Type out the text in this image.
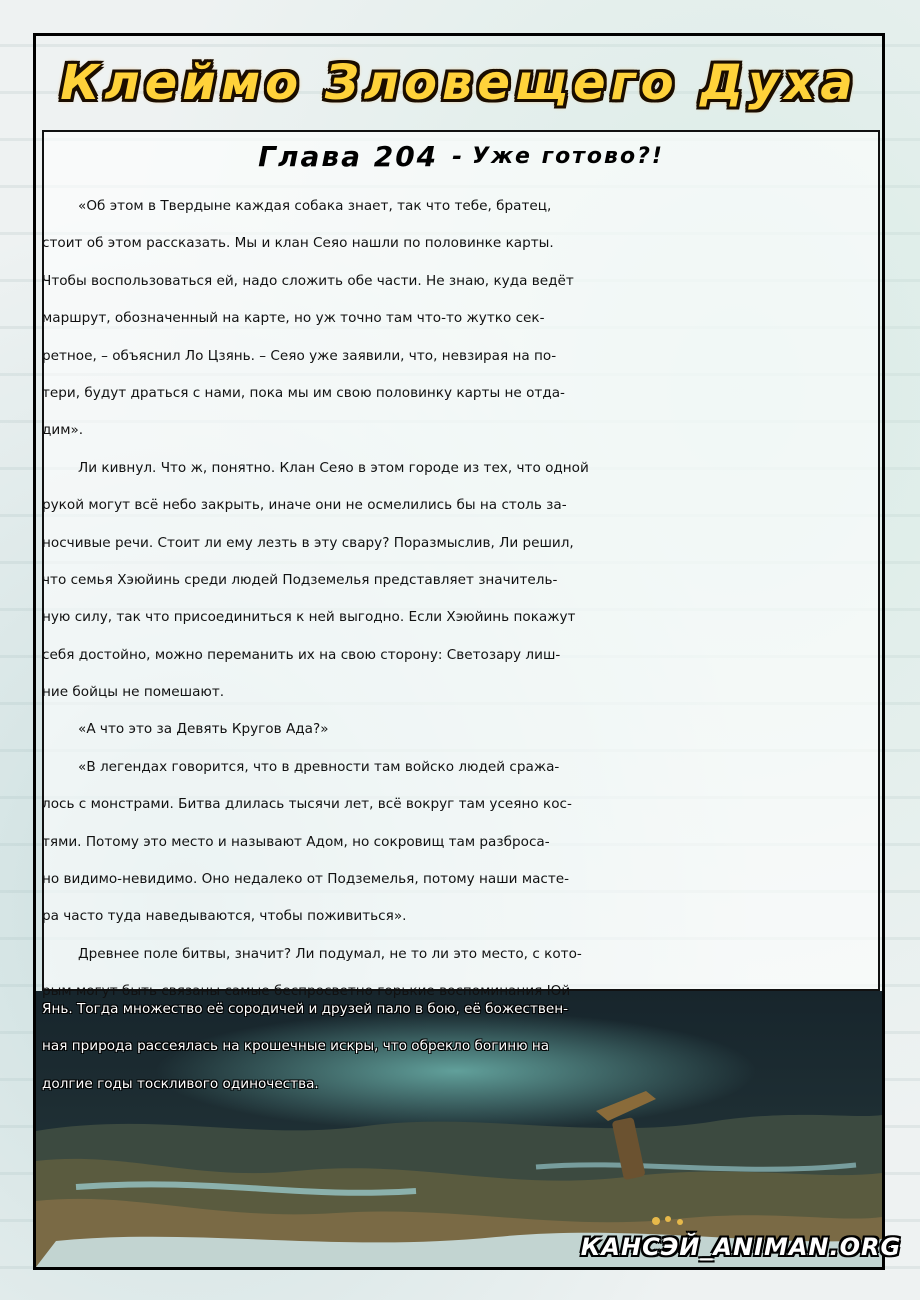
Клеймо Зловещего Духа
Глава 204 - Уже готово?!
«Об этом в Твердыне каждая собака знает, так что тебе, братец,
стоит об этом рассказать. Мы и клан Сеяо нашли по половинке карты.
Чтобы воспользоваться ей, надо сложить обе части. Не знаю, куда ведёт
маршрут, обозначенный на карте, но уж точно там что-то жутко сек-
ретное, – объяснил Ло Цзянь. – Сеяо уже заявили, что, невзирая на по-
тери, будут драться с нами, пока мы им свою половинку карты не отда-
дим».
Ли кивнул. Что ж, понятно. Клан Сеяо в этом городе из тех, что одной
рукой могут всё небо закрыть, иначе они не осмелились бы на столь за-
носчивые речи. Стоит ли ему лезть в эту свару? Поразмыслив, Ли решил,
что семья Хэюйинь среди людей Подземелья представляет значитель-
ную силу, так что присоединиться к ней выгодно. Если Хэюйинь покажут
себя достойно, можно переманить их на свою сторону: Светозару лиш-
ние бойцы не помешают.
«А что это за Девять Кругов Ада?»
«В легендах говорится, что в древности там войско людей сража-
лось с монстрами. Битва длилась тысячи лет, всё вокруг там усеяно кос-
тями. Потому это место и называют Адом, но сокровищ там разброса-
но видимо-невидимо. Оно недалеко от Подземелья, потому наши масте-
ра часто туда наведываются, чтобы поживиться».
Древнее поле битвы, значит? Ли подумал, не то ли это место, с кото-
рым могут быть связаны самые беспросветно горькие воспоминания Юй
Янь. Тогда множество её сородичей и друзей пало в бою, её божествен-
ная природа рассеялась на крошечные искры, что обрекло богиню на
долгие годы тоскливого одиночества.
КАНСЭЙ_ANIMAN.ORG
